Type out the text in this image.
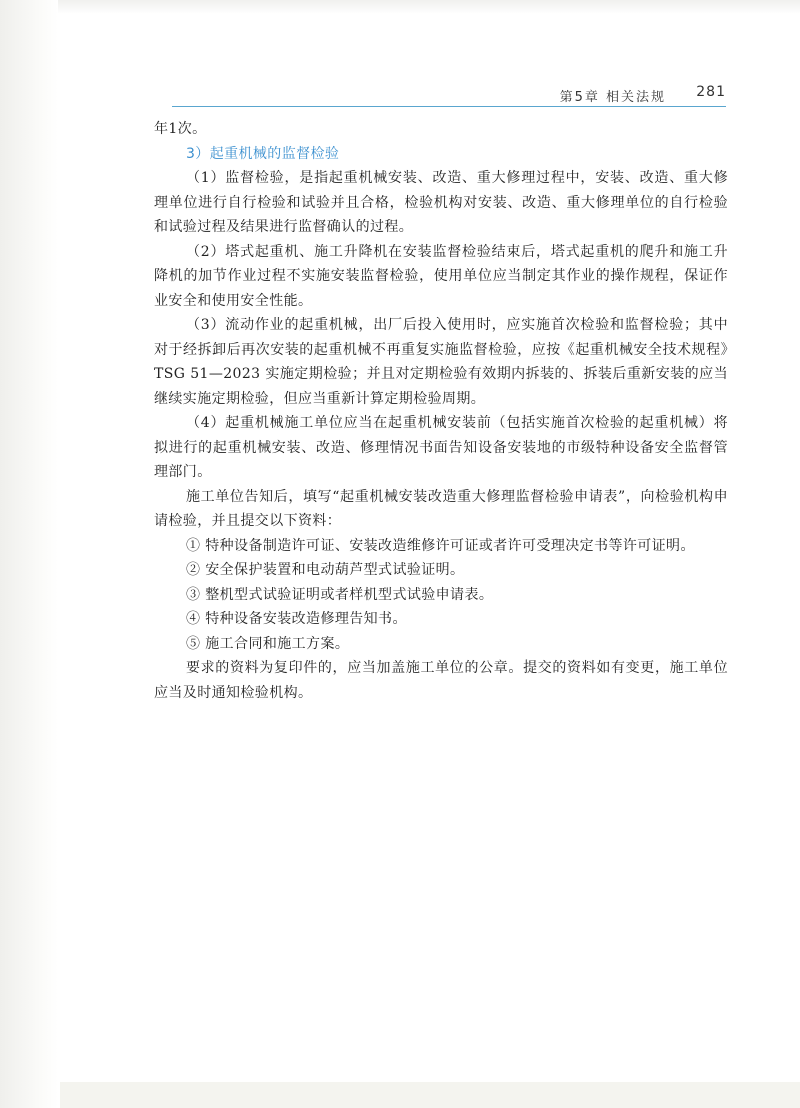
第5章 相关法规 281

年1次。

3）起重机械的监督检验

（1）监督检验，是指起重机械安装、改造、重大修理过程中，安装、改造、重大修理单位进行自行检验和试验并且合格，检验机构对安装、改造、重大修理单位的自行检验和试验过程及结果进行监督确认的过程。

（2）塔式起重机、施工升降机在安装监督检验结束后，塔式起重机的爬升和施工升降机的加节作业过程不实施安装监督检验，使用单位应当制定其作业的操作规程，保证作业安全和使用安全性能。

（3）流动作业的起重机械，出厂后投入使用时，应实施首次检验和监督检验；其中对于经拆卸后再次安装的起重机械不再重复实施监督检验，应按《起重机械安全技术规程》TSG 51—2023 实施定期检验；并且对定期检验有效期内拆装的、拆装后重新安装的应当继续实施定期检验，但应当重新计算定期检验周期。

（4）起重机械施工单位应当在起重机械安装前（包括实施首次检验的起重机械）将拟进行的起重机械安装、改造、修理情况书面告知设备安装地的市级特种设备安全监督管理部门。

施工单位告知后，填写“起重机械安装改造重大修理监督检验申请表”，向检验机构申请检验，并且提交以下资料：

① 特种设备制造许可证、安装改造维修许可证或者许可受理决定书等许可证明。

② 安全保护装置和电动葫芦型式试验证明。

③ 整机型式试验证明或者样机型式试验申请表。

④ 特种设备安装改造修理告知书。

⑤ 施工合同和施工方案。

要求的资料为复印件的，应当加盖施工单位的公章。提交的资料如有变更，施工单位应当及时通知检验机构。
